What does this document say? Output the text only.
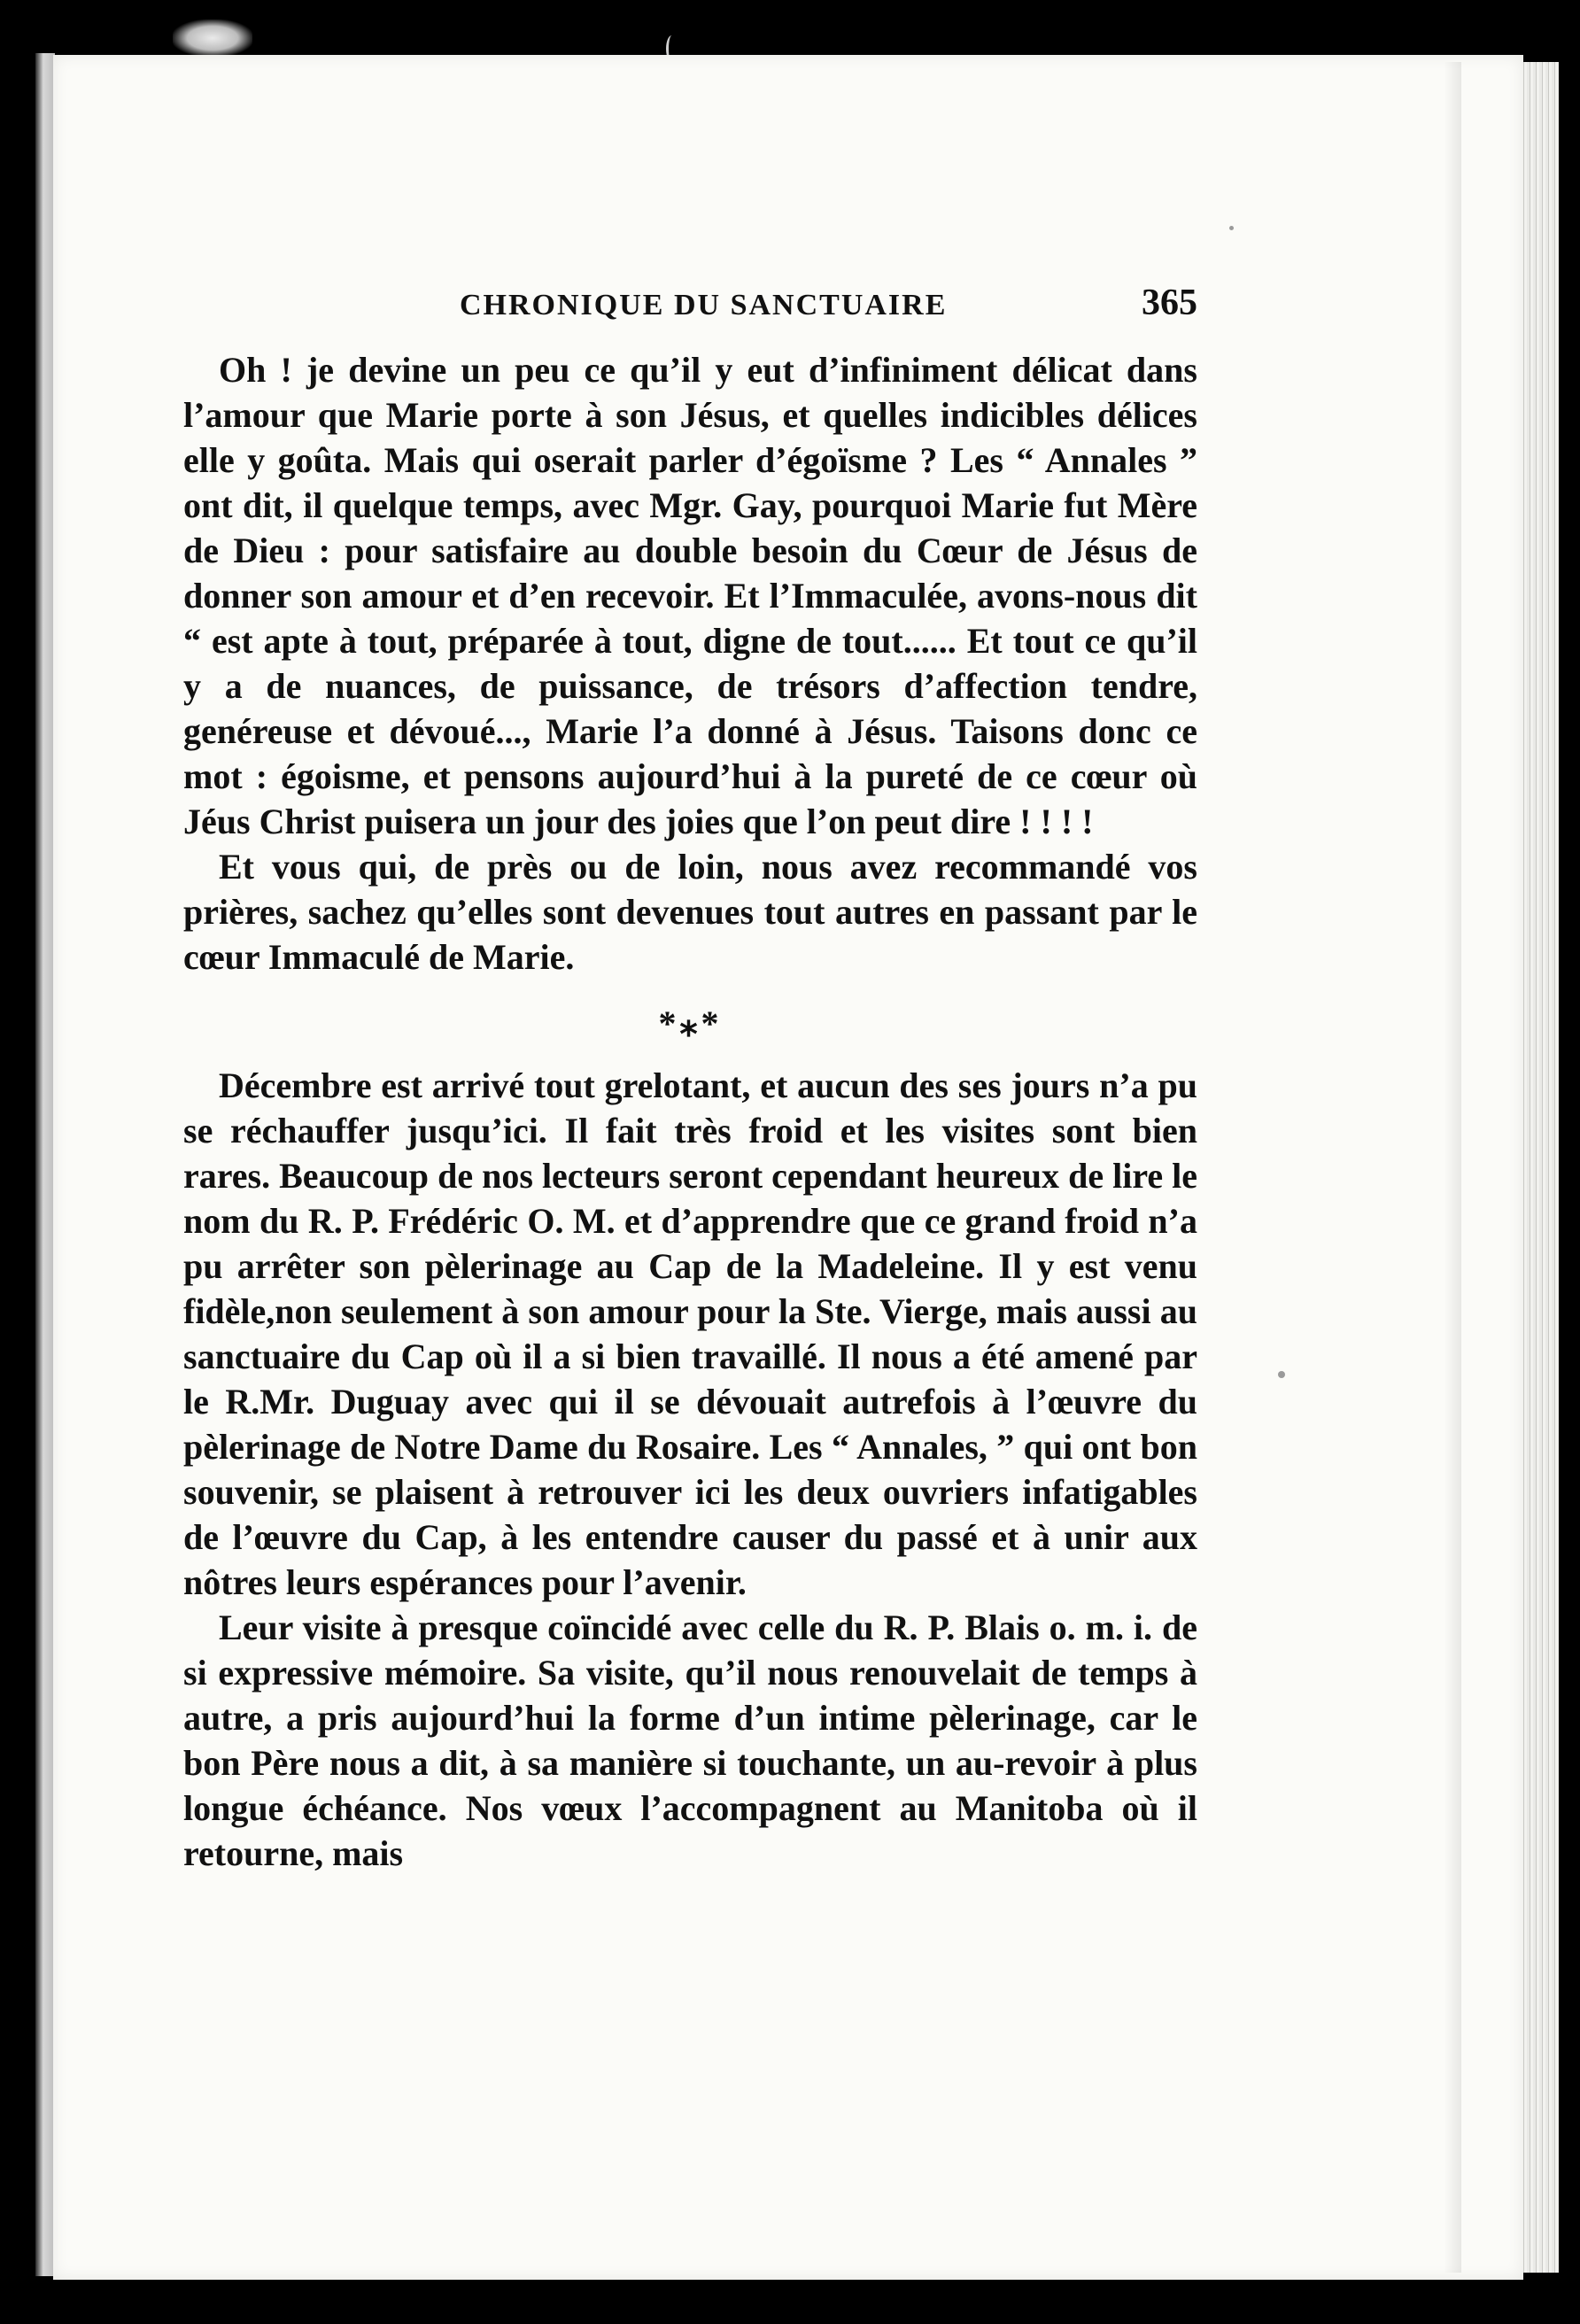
CHRONIQUE DU SANCTUAIRE	365

Oh ! je devine un peu ce qu’il y eut d’infiniment délicat dans l’amour que Marie porte à son Jésus, et quelles indicibles délices elle y goûta. Mais qui oserait parler d’égoïsme ? Les “ Annales ” ont dit, il quelque temps, avec Mgr. Gay, pourquoi Marie fut Mère de Dieu : pour satisfaire au double besoin du Cœur de Jésus de donner son amour et d’en recevoir. Et l’Immaculée, avons-nous dit “ est apte à tout, préparée à tout, digne de tout...... Et tout ce qu’il y a de nuances, de puissance, de trésors d’affection tendre, genéreuse et dévoué..., Marie l’a donné à Jésus. Taisons donc ce mot : égoisme, et pensons aujourd’hui à la pureté de ce cœur où Jéus Christ puisera un jour des joies que l’on peut dire ! ! ! !

Et vous qui, de près ou de loin, nous avez recommandé vos prières, sachez qu’elles sont devenues tout autres en passant par le cœur Immaculé de Marie.

*⁎*

Décembre est arrivé tout grelotant, et aucun des ses jours n’a pu se réchauffer jusqu’ici. Il fait très froid et les visites sont bien rares. Beaucoup de nos lecteurs seront cependant heureux de lire le nom du R. P. Frédéric O. M. et d’apprendre que ce grand froid n’a pu arrêter son pèlerinage au Cap de la Madeleine. Il y est venu fidèle,non seulement à son amour pour la Ste. Vierge, mais aussi au sanctuaire du Cap où il a si bien travaillé. Il nous a été amené par le R.Mr. Duguay avec qui il se dévouait autrefois à l’œuvre du pèlerinage de Notre Dame du Rosaire. Les “ Annales, ” qui ont bon souvenir, se plaisent à retrouver ici les deux ouvriers infatigables de l’œuvre du Cap, à les entendre causer du passé et à unir aux nôtres leurs espérances pour l’avenir.

Leur visite à presque coïncidé avec celle du R. P. Blais o. m. i. de si expressive mémoire. Sa visite, qu’il nous renouvelait de temps à autre, a pris aujourd’hui la forme d’un intime pèlerinage, car le bon Père nous a dit, à sa manière si touchante, un au-revoir à plus longue échéance. Nos vœux l’accompagnent au Manitoba où il retourne, mais
